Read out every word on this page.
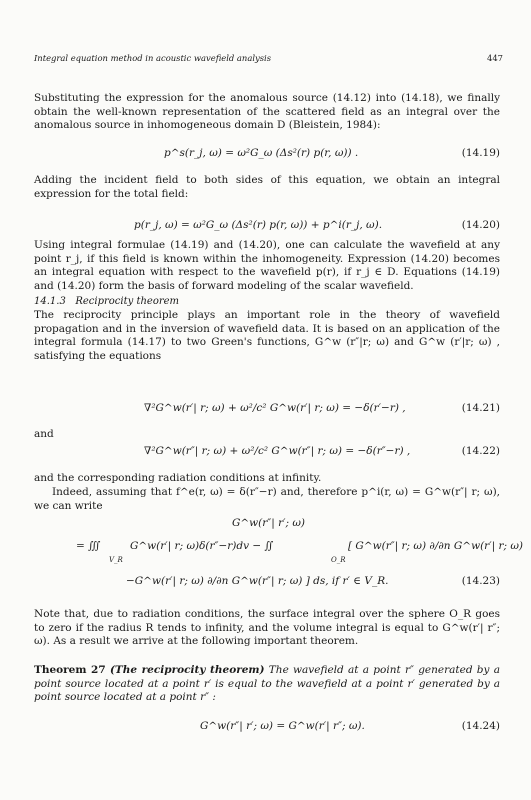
Integral equation method in acoustic wavefield analysis	447

Substituting the expression for the anomalous source (14.12) into (14.18), we finally obtain the well-known representation of the scattered field as an integral over the anomalous source in inhomogeneous domain D (Bleistein, 1984):

p^s(r_j, ω) = ω²G_ω (Δs²(r) p(r, ω)) .	(14.19)

Adding the incident field to both sides of this equation, we obtain an integral expression for the total field:

p(r_j, ω) = ω²G_ω (Δs²(r) p(r, ω)) + p^i(r_j, ω).	(14.20)

Using integral formulae (14.19) and (14.20), one can calculate the wavefield at any point r_j, if this field is known within the inhomogeneity. Expression (14.20) becomes an integral equation with respect to the wavefield p(r), if r_j ∈ D. Equations (14.19) and (14.20) form the basis of forward modeling of the scalar wavefield.

14.1.3 Reciprocity theorem

The reciprocity principle plays an important role in the theory of wavefield propagation and in the inversion of wavefield data. It is based on an application of the integral formula (14.17) to two Green's functions, G^w (r″|r; ω) and G^w (r′|r; ω) , satisfying the equations

∇²G^w(r′| r; ω) + ω²/c² G^w(r′| r; ω) = −δ(r′−r) ,	(14.21)
and
∇²G^w(r″| r; ω) + ω²/c² G^w(r″| r; ω) = −δ(r″−r) ,	(14.22)

and the corresponding radiation conditions at infinity.

Indeed, assuming that f^e(r, ω) = δ(r″−r) and, therefore p^i(r, ω) = G^w(r″| r; ω), we can write

G^w(r″| r′; ω)
= ∭
V_R
G^w(r′| r; ω)δ(r″−r)dv − ∬
O_R
[ G^w(r″| r; ω) ∂/∂n G^w(r′| r; ω)
−G^w(r′| r; ω) ∂/∂n G^w(r″| r; ω) ] ds, if r′ ∈ V_R.	(14.23)

Note that, due to radiation conditions, the surface integral over the sphere O_R goes to zero if the radius R tends to infinity, and the volume integral is equal to G^w(r′| r″; ω). As a result we arrive at the following important theorem.

Theorem 27 (The reciprocity theorem) The wavefield at a point r″ generated by a point source located at a point r′ is equal to the wavefield at a point r′ generated by a point source located at a point r″ :

G^w(r″| r′; ω) = G^w(r′| r″; ω).	(14.24)
